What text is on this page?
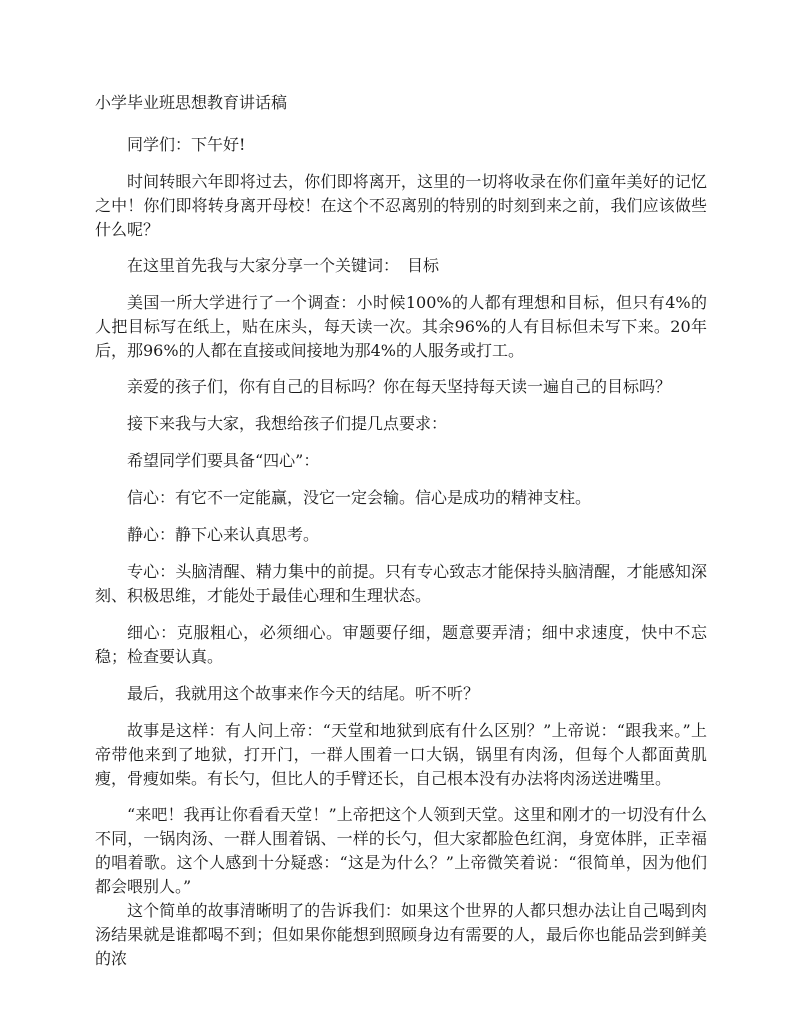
小学毕业班思想教育讲话稿

同学们：下午好!

时间转眼六年即将过去，你们即将离开，这里的一切将收录在你们童年美好的记忆之中！你们即将转身离开母校！在这个不忍离别的特别的时刻到来之前，我们应该做些什么呢？

在这里首先我与大家分享一个关键词：　目标

美国一所大学进行了一个调查：小时候100%的人都有理想和目标，但只有4%的人把目标写在纸上，贴在床头，每天读一次。其余96%的人有目标但未写下来。20年后，那96%的人都在直接或间接地为那4%的人服务或打工。

亲爱的孩子们，你有自己的目标吗？你在每天坚持每天读一遍自己的目标吗？

接下来我与大家，我想给孩子们提几点要求：

希望同学们要具备“四心”：

信心：有它不一定能赢，没它一定会输。信心是成功的精神支柱。

静心：静下心来认真思考。

专心：头脑清醒、精力集中的前提。只有专心致志才能保持头脑清醒，才能感知深刻、积极思维，才能处于最佳心理和生理状态。

细心：克服粗心，必须细心。审题要仔细，题意要弄清；细中求速度，快中不忘稳；检查要认真。

最后，我就用这个故事来作今天的结尾。听不听？

故事是这样：有人问上帝：“天堂和地狱到底有什么区别？”上帝说：“跟我来。”上帝带他来到了地狱，打开门，一群人围着一口大锅，锅里有肉汤，但每个人都面黄肌瘦，骨瘦如柴。有长勺，但比人的手臂还长，自己根本没有办法将肉汤送进嘴里。

“来吧！我再让你看看天堂！”上帝把这个人领到天堂。这里和刚才的一切没有什么不同，一锅肉汤、一群人围着锅、一样的长勺，但大家都脸色红润，身宽体胖，正幸福的唱着歌。这个人感到十分疑惑：“这是为什么？”上帝微笑着说：“很简单，因为他们都会喂别人。”

这个简单的故事清晰明了的告诉我们：如果这个世界的人都只想办法让自己喝到肉汤结果就是谁都喝不到；但如果你能想到照顾身边有需要的人，最后你也能品尝到鲜美的浓
